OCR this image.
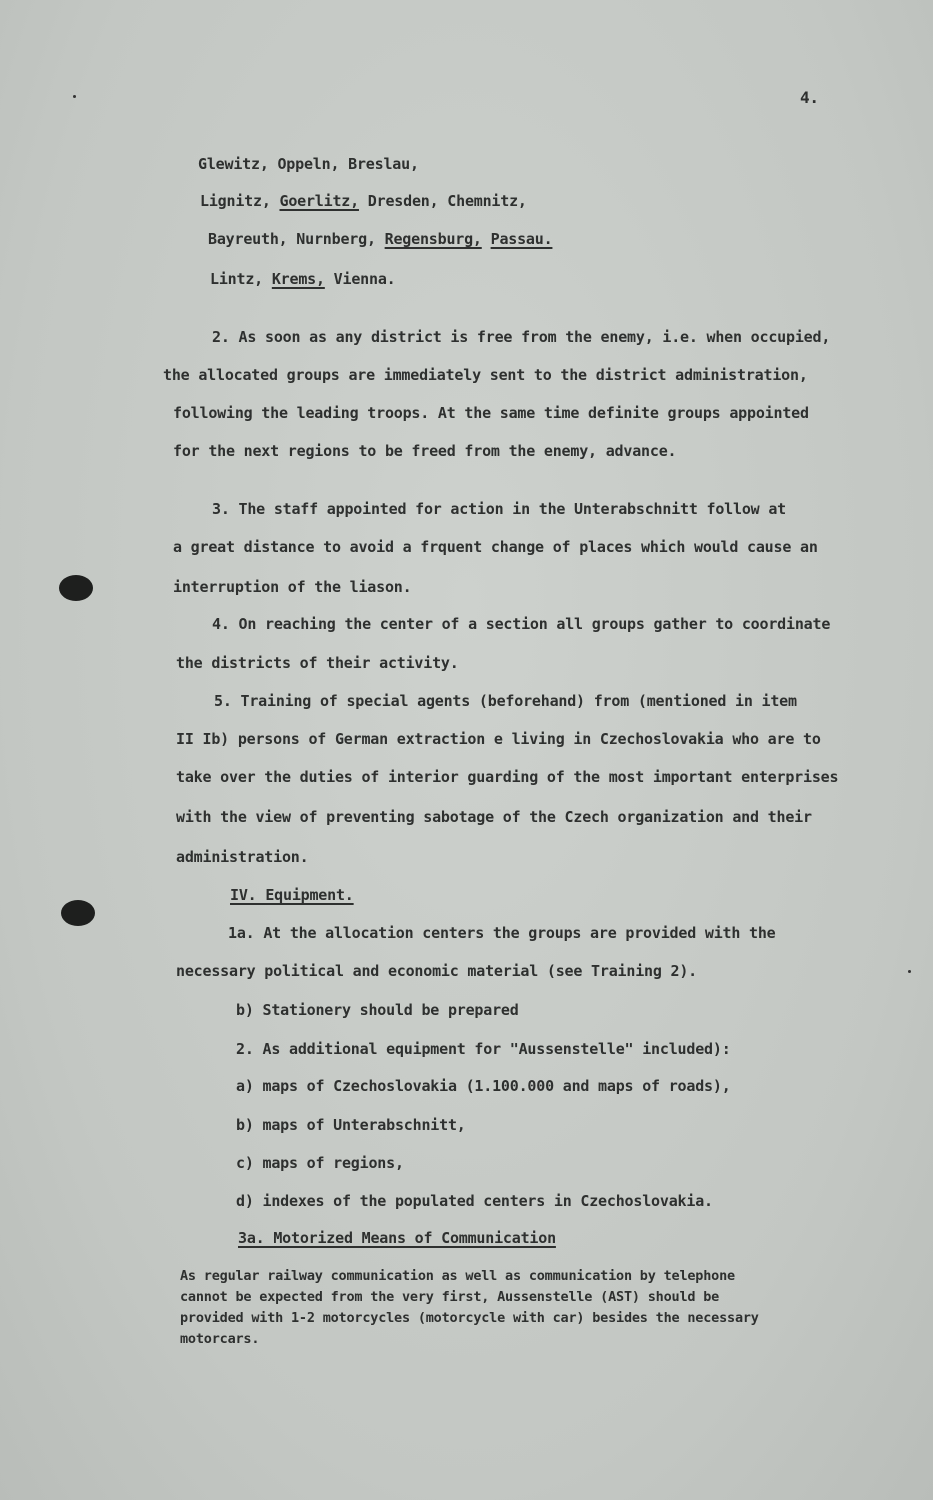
4.
Glewitz, Oppeln, Breslau,
Lignitz, Goerlitz, Dresden, Chemnitz,
Bayreuth, Nurnberg, Regensburg, Passau.
Lintz, Krems, Vienna.
2. As soon as any district is free from the enemy, i.e. when occupied,
the allocated groups are immediately sent to the district administration,
following the leading troops. At the same time definite groups appointed
for the next regions to be freed from the enemy, advance.
3. The staff appointed for action in the Unterabschnitt follow at
a great distance to avoid a frquent change of places which would cause an
interruption of the liason.
4. On reaching the center of a section all groups gather to coordinate
the districts of their activity.
5. Training of special agents (beforehand) from (mentioned in item
II Ib) persons of German extraction e living in Czechoslovakia who are to
take over the duties of interior guarding of the most important enterprises
with the view of preventing sabotage of the Czech organization and their
administration.
IV. Equipment.
1a. At the allocation centers the groups are provided with the
necessary political and economic material (see Training 2).
b) Stationery should be prepared
2. As additional equipment for "Aussenstelle" included):
a) maps of Czechoslovakia (1.100.000 and maps of roads),
b) maps of Unterabschnitt,
c) maps of regions,
d) indexes of the populated centers in Czechoslovakia.
3a. Motorized Means of Communication
As regular railway communication as well as communication by telephone
cannot be expected from the very first, Aussenstelle (AST) should be
provided with 1-2 motorcycles (motorcycle with car) besides the necessary
motorcars.
